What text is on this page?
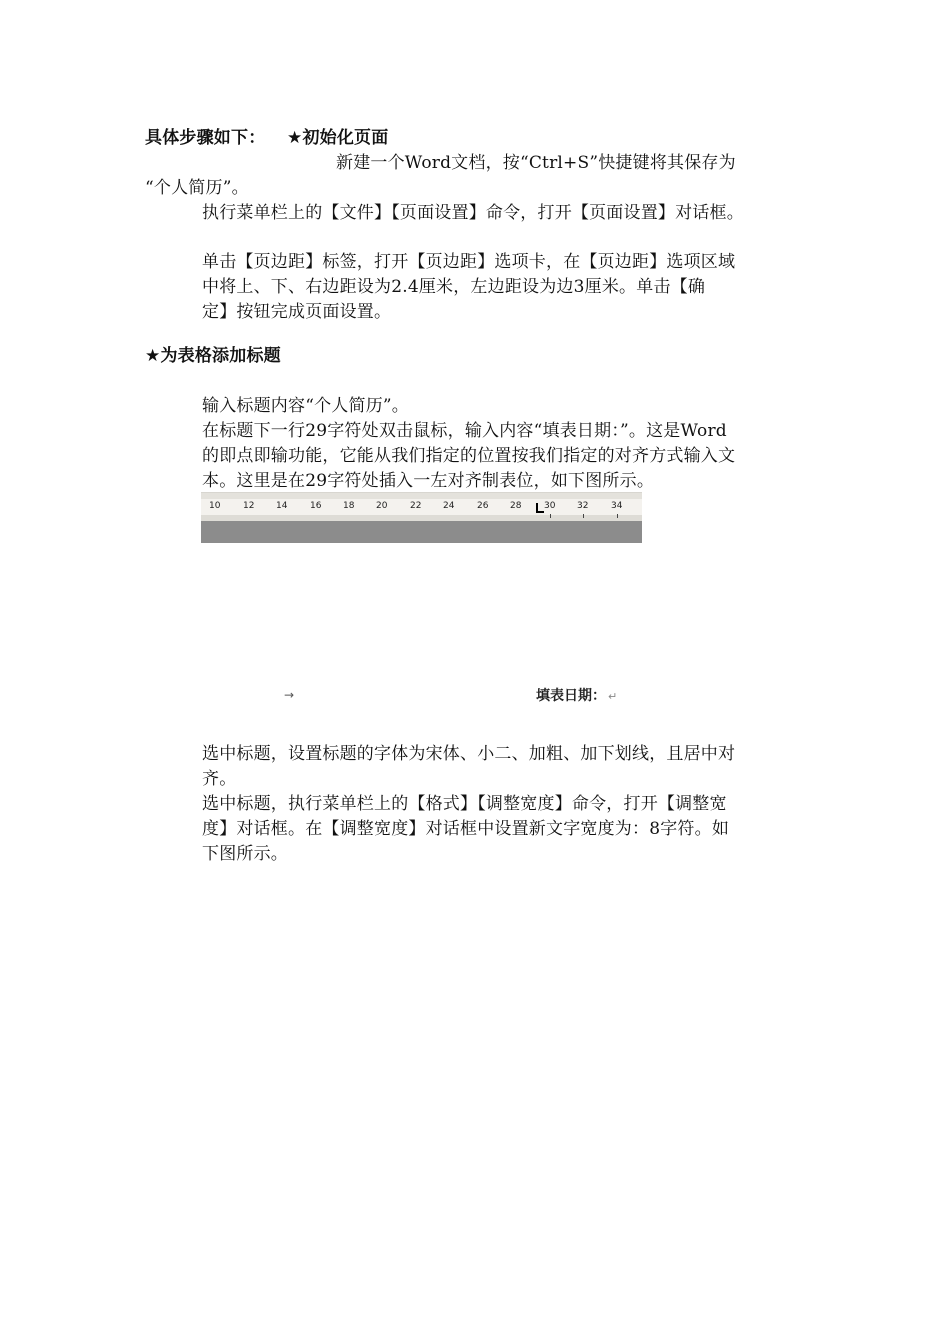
具体步骤如下： ★初始化页面
新建一个Word文档，按“Ctrl+S”快捷键将其保存为
“个人简历”。
执行菜单栏上的【文件】【页面设置】命令，打开【页面设置】对话框。
单击【页边距】标签，打开【页边距】选项卡，在【页边距】选项区域
中将上、下、右边距设为2.4厘米，左边距设为边3厘米。单击【确
定】按钮完成页面设置。
★为表格添加标题
输入标题内容“个人简历”。
在标题下一行29字符处双击鼠标，输入内容“填表日期：”。这是Word
的即点即输功能，它能从我们指定的位置按我们指定的对齐方式输入文
本。这里是在29字符处插入一左对齐制表位，如下图所示。
10	12 14	16 18 20	22 24	26 28	30 32	34
→	填表日期： ↵
选中标题，设置标题的字体为宋体、小二、加粗、加下划线，且居中对
齐。
选中标题，执行菜单栏上的【格式】【调整宽度】命令，打开【调整宽
度】对话框。在【调整宽度】对话框中设置新文字宽度为：8字符。如
下图所示。
